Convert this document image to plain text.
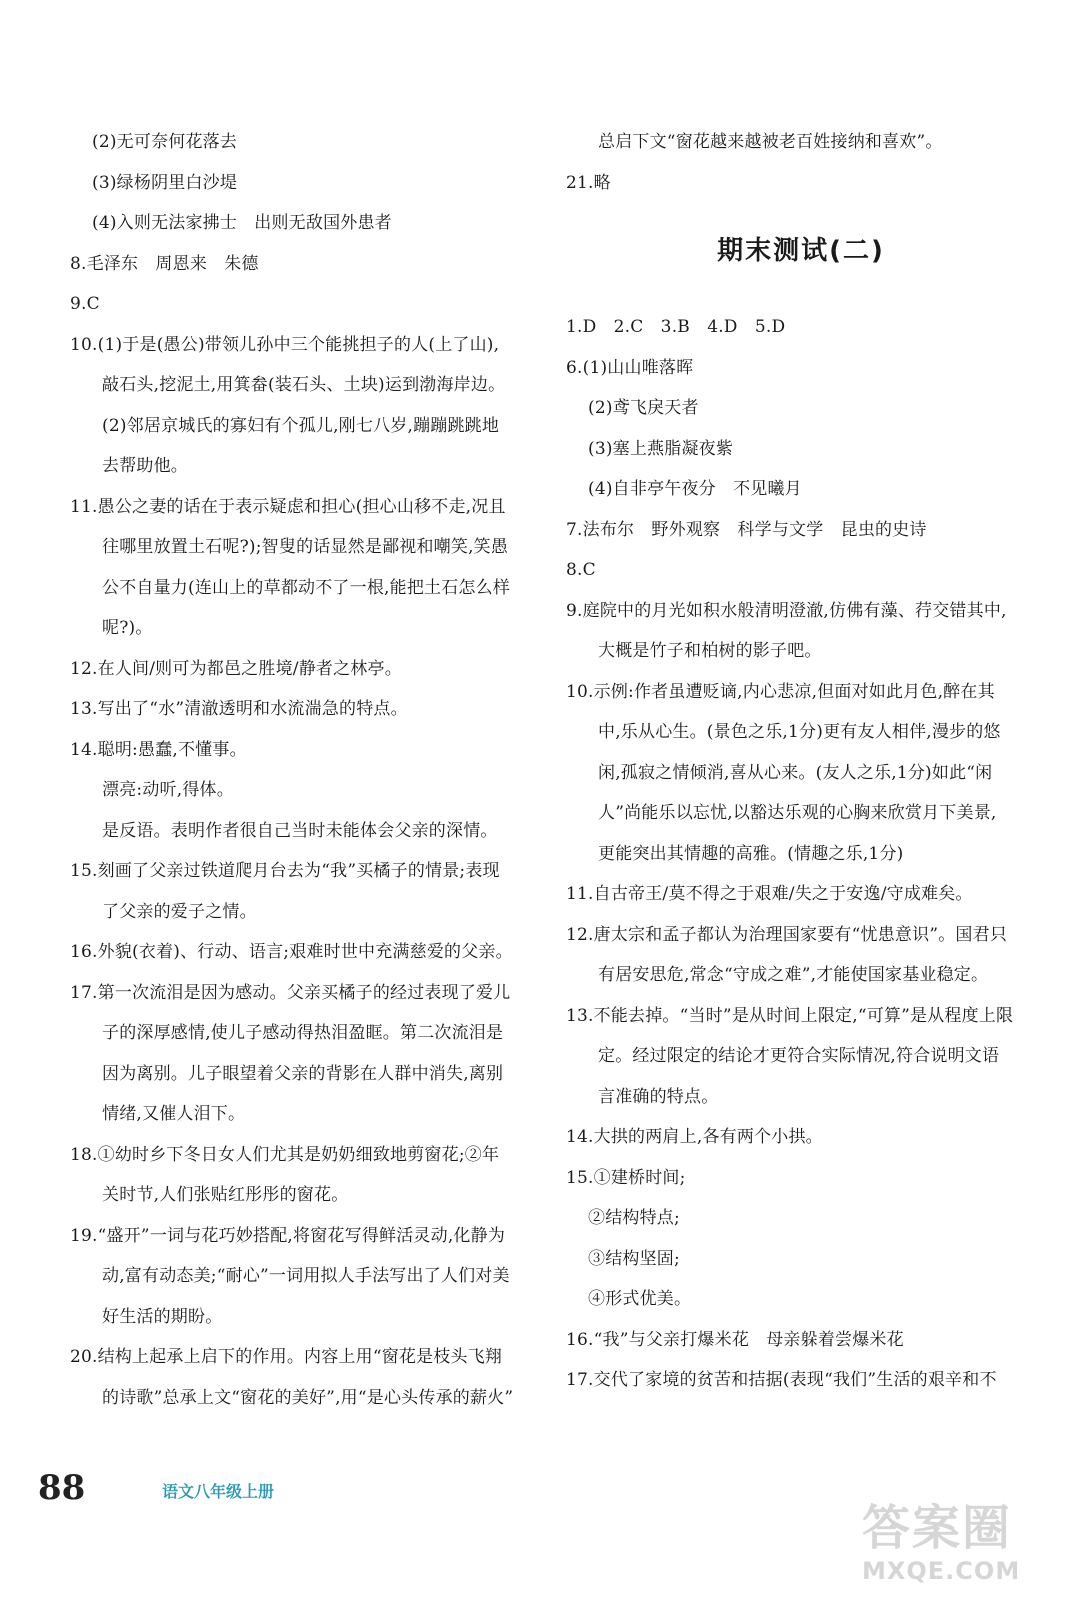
(2)无可奈何花落去
(3)绿杨阴里白沙堤
(4)入则无法家拂士　出则无敌国外患者
8.毛泽东　周恩来　朱德
9.C
10.(1)于是(愚公)带领儿孙中三个能挑担子的人(上了山),
敲石头,挖泥土,用箕畚(装石头、土块)运到渤海岸边。
(2)邻居京城氏的寡妇有个孤儿,刚七八岁,蹦蹦跳跳地
去帮助他。
11.愚公之妻的话在于表示疑虑和担心(担心山移不走,况且
往哪里放置土石呢?);智叟的话显然是鄙视和嘲笑,笑愚
公不自量力(连山上的草都动不了一根,能把土石怎么样
呢?)。
12.在人间/则可为都邑之胜境/静者之林亭。
13.写出了“水”清澈透明和水流湍急的特点。
14.聪明:愚蠢,不懂事。
漂亮:动听,得体。
是反语。表明作者很自己当时未能体会父亲的深情。
15.刻画了父亲过铁道爬月台去为“我”买橘子的情景;表现
了父亲的爱子之情。
16.外貌(衣着)、行动、语言;艰难时世中充满慈爱的父亲。
17.第一次流泪是因为感动。父亲买橘子的经过表现了爱儿
子的深厚感情,使儿子感动得热泪盈眶。第二次流泪是
因为离别。儿子眼望着父亲的背影在人群中消失,离别
情绪,又催人泪下。
18.①幼时乡下冬日女人们尤其是奶奶细致地剪窗花;②年
关时节,人们张贴红彤彤的窗花。
19.“盛开”一词与花巧妙搭配,将窗花写得鲜活灵动,化静为
动,富有动态美;“耐心”一词用拟人手法写出了人们对美
好生活的期盼。
20.结构上起承上启下的作用。内容上用“窗花是枝头飞翔
的诗歌”总承上文“窗花的美好”,用“是心头传承的薪火”
总启下文“窗花越来越被老百姓接纳和喜欢”。
21.略
期末测试(二)
1.D　2.C　3.B　4.D　5.D
6.(1)山山唯落晖
(2)鸢飞戾天者
(3)塞上燕脂凝夜紫
(4)自非亭午夜分　不见曦月
7.法布尔　野外观察　科学与文学　昆虫的史诗
8.C
9.庭院中的月光如积水般清明澄澈,仿佛有藻、荇交错其中,
大概是竹子和柏树的影子吧。
10.示例:作者虽遭贬谪,内心悲凉,但面对如此月色,醉在其
中,乐从心生。(景色之乐,1分)更有友人相伴,漫步的悠
闲,孤寂之情倾消,喜从心来。(友人之乐,1分)如此“闲
人”尚能乐以忘忧,以豁达乐观的心胸来欣赏月下美景,
更能突出其情趣的高雅。(情趣之乐,1分)
11.自古帝王/莫不得之于艰难/失之于安逸/守成难矣。
12.唐太宗和孟子都认为治理国家要有“忧患意识”。国君只
有居安思危,常念“守成之难”,才能使国家基业稳定。
13.不能去掉。“当时”是从时间上限定,“可算”是从程度上限
定。经过限定的结论才更符合实际情况,符合说明文语
言准确的特点。
14.大拱的两肩上,各有两个小拱。
15.①建桥时间;
②结构特点;
③结构坚固;
④形式优美。
16.“我”与父亲打爆米花　母亲躲着尝爆米花
17.交代了家境的贫苦和拮据(表现“我们”生活的艰辛和不
88	语文八年级上册
答案圈
MXQE.COM
